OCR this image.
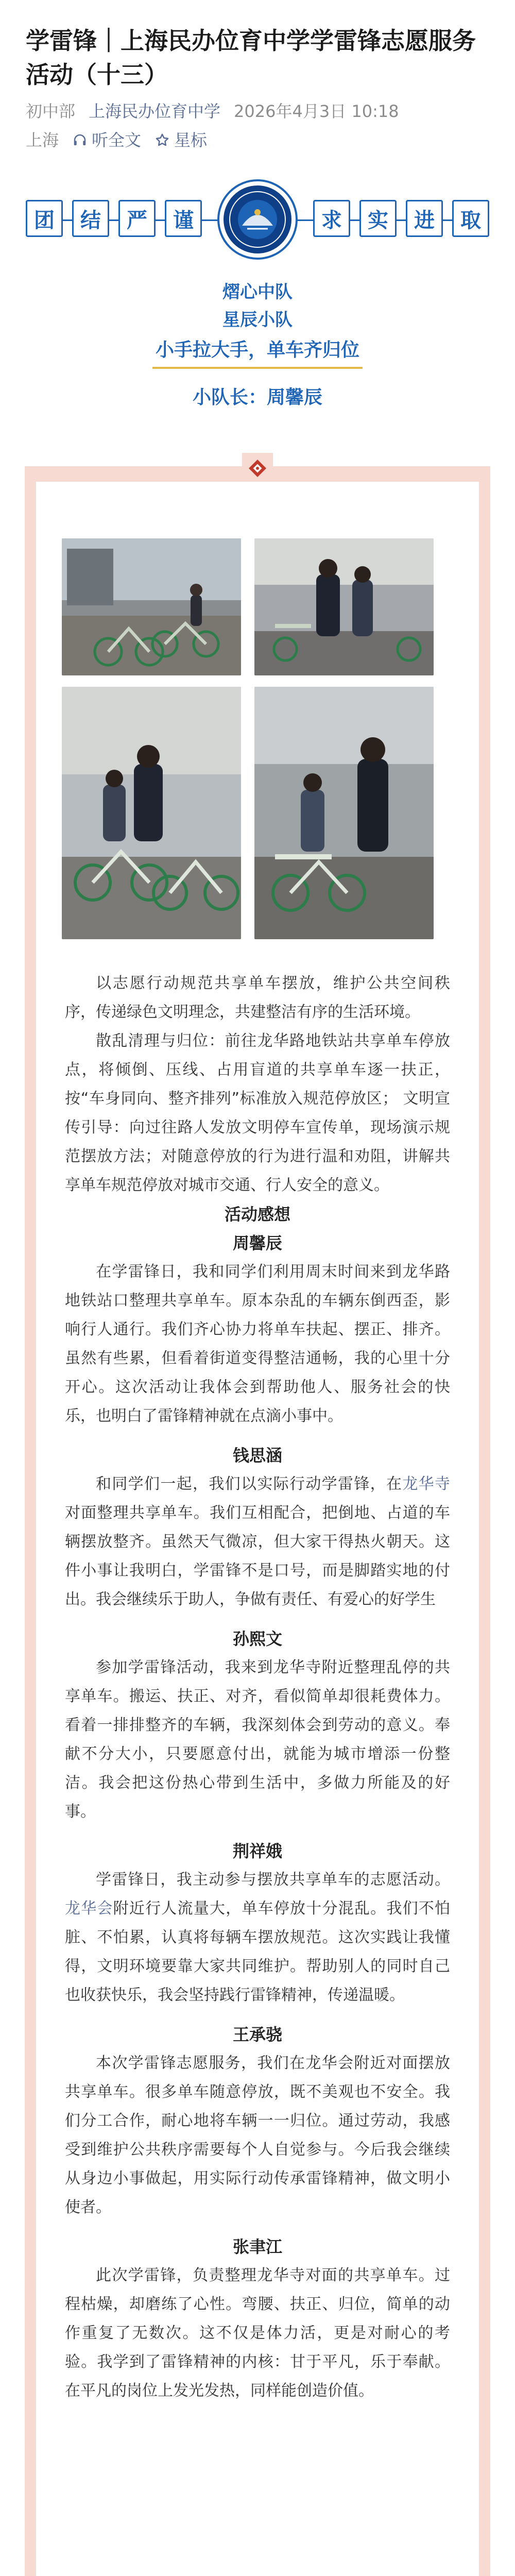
学雷锋｜上海民办位育中学学雷锋志愿服务活动（十三）
初中部 上海民办位育中学 2026年4月3日 10:18
上海 听全文 星标
团	结	严	谨	求	实	进	取
熠心中队
星辰小队
小手拉大手，单车齐归位
小队长：周馨辰

以志愿行动规范共享单车摆放，维护公共空间秩序，传递绿色文明理念，共建整洁有序的生活环境。

散乱清理与归位：前往龙华路地铁站共享单车停放点，将倾倒、压线、占用盲道的共享单车逐一扶正，按“车身同向、整齐排列”标准放入规范停放区； 文明宣传引导：向过往路人发放文明停车宣传单，现场演示规范摆放方法；对随意停放的行为进行温和劝阻，讲解共享单车规范停放对城市交通、行人安全的意义。

活动感想

周馨辰

在学雷锋日，我和同学们利用周末时间来到龙华路地铁站口整理共享单车。原本杂乱的车辆东倒西歪，影响行人通行。我们齐心协力将单车扶起、摆正、排齐。虽然有些累，但看着街道变得整洁通畅，我的心里十分开心。这次活动让我体会到帮助他人、服务社会的快乐，也明白了雷锋精神就在点滴小事中。

钱思涵

和同学们一起，我们以实际行动学雷锋，在龙华寺对面整理共享单车。我们互相配合，把倒地、占道的车辆摆放整齐。虽然天气微凉，但大家干得热火朝天。这件小事让我明白，学雷锋不是口号，而是脚踏实地的付出。我会继续乐于助人，争做有责任、有爱心的好学生

孙熙文

参加学雷锋活动，我来到龙华寺附近整理乱停的共享单车。搬运、扶正、对齐，看似简单却很耗费体力。看着一排排整齐的车辆，我深刻体会到劳动的意义。奉献不分大小，只要愿意付出，就能为城市增添一份整洁。我会把这份热心带到生活中，多做力所能及的好事。

荆祥娥

学雷锋日，我主动参与摆放共享单车的志愿活动。龙华会附近行人流量大，单车停放十分混乱。我们不怕脏、不怕累，认真将每辆车摆放规范。这次实践让我懂得，文明环境要靠大家共同维护。帮助别人的同时自己也收获快乐，我会坚持践行雷锋精神，传递温暖。

王承骁

本次学雷锋志愿服务，我们在龙华会附近对面摆放共享单车。很多单车随意停放，既不美观也不安全。我们分工合作，耐心地将车辆一一归位。通过劳动，我感受到维护公共秩序需要每个人自觉参与。今后我会继续从身边小事做起，用实际行动传承雷锋精神，做文明小使者。

张聿江

此次学雷锋，负责整理龙华寺对面的共享单车。过程枯燥，却磨练了心性。弯腰、扶正、归位，简单的动作重复了无数次。这不仅是体力活，更是对耐心的考验。我学到了雷锋精神的内核：甘于平凡，乐于奉献。在平凡的岗位上发光发热，同样能创造价值。
